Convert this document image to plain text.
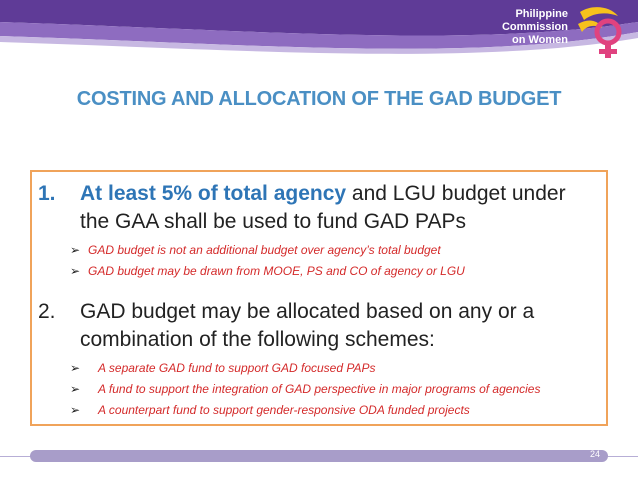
Philippine
Commission
on Women
COSTING AND ALLOCATION OF THE GAD BUDGET
1.	At least 5% of total agency and LGU budget under the GAA shall be used to fund GAD PAPs
➢ GAD budget is not an additional budget over agency’s total budget
➢ GAD budget may be drawn from MOOE, PS and CO of agency or LGU
2.	GAD budget may be allocated based on any or a combination of the following schemes:
➢ A separate GAD fund to support GAD focused PAPs
➢ A fund to support the integration of GAD perspective in major programs of agencies
➢ A counterpart fund to support gender-responsive ODA funded projects
24
